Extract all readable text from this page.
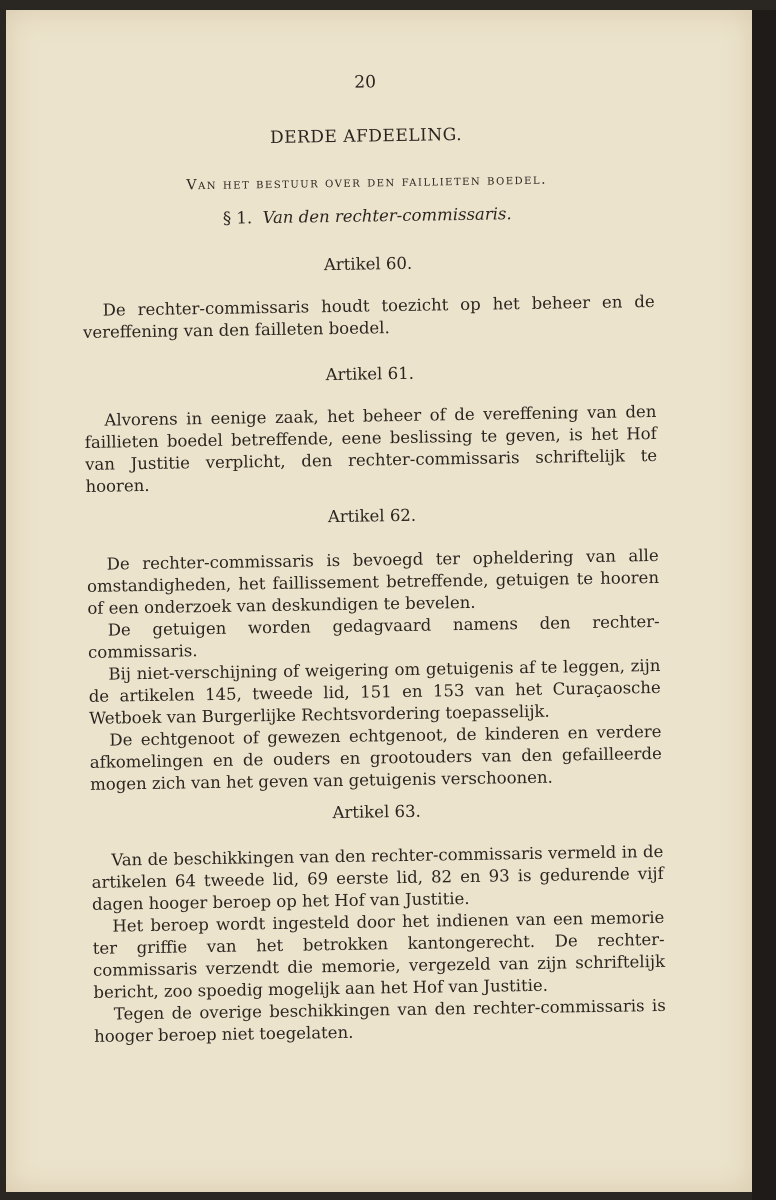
20

DERDE AFDEELING.

Van het bestuur over den faillieten boedel.

§ 1. Van den rechter-commissaris.

Artikel 60.

De rechter-commissaris houdt toezicht op het beheer en de vereffening van den failleten boedel.

Artikel 61.

Alvorens in eenige zaak, het beheer of de vereffening van den faillieten boedel betreffende, eene beslissing te geven, is het Hof van Justitie verplicht, den rechter-commissaris schriftelijk te hooren.

Artikel 62.

De rechter-commissaris is bevoegd ter opheldering van alle omstandigheden, het faillissement betreffende, getuigen te hooren of een onderzoek van deskundigen te bevelen.

De getuigen worden gedagvaard namens den rechter-commissaris.

Bij niet-verschijning of weigering om getuigenis af te leggen, zijn de artikelen 145, tweede lid, 151 en 153 van het Curaçaosche Wetboek van Burgerlijke Rechtsvordering toepasselijk.

De echtgenoot of gewezen echtgenoot, de kinderen en verdere afkomelingen en de ouders en grootouders van den gefailleerde mogen zich van het geven van getuigenis verschoonen.

Artikel 63.

Van de beschikkingen van den rechter-commissaris vermeld in de artikelen 64 tweede lid, 69 eerste lid, 82 en 93 is gedurende vijf dagen hooger beroep op het Hof van Justitie.

Het beroep wordt ingesteld door het indienen van een memorie ter griffie van het betrokken kantongerecht. De rechter-commissaris verzendt die memorie, vergezeld van zijn schriftelijk bericht, zoo spoedig mogelijk aan het Hof van Justitie.

Tegen de overige beschikkingen van den rechter-commissaris is hooger beroep niet toegelaten.
